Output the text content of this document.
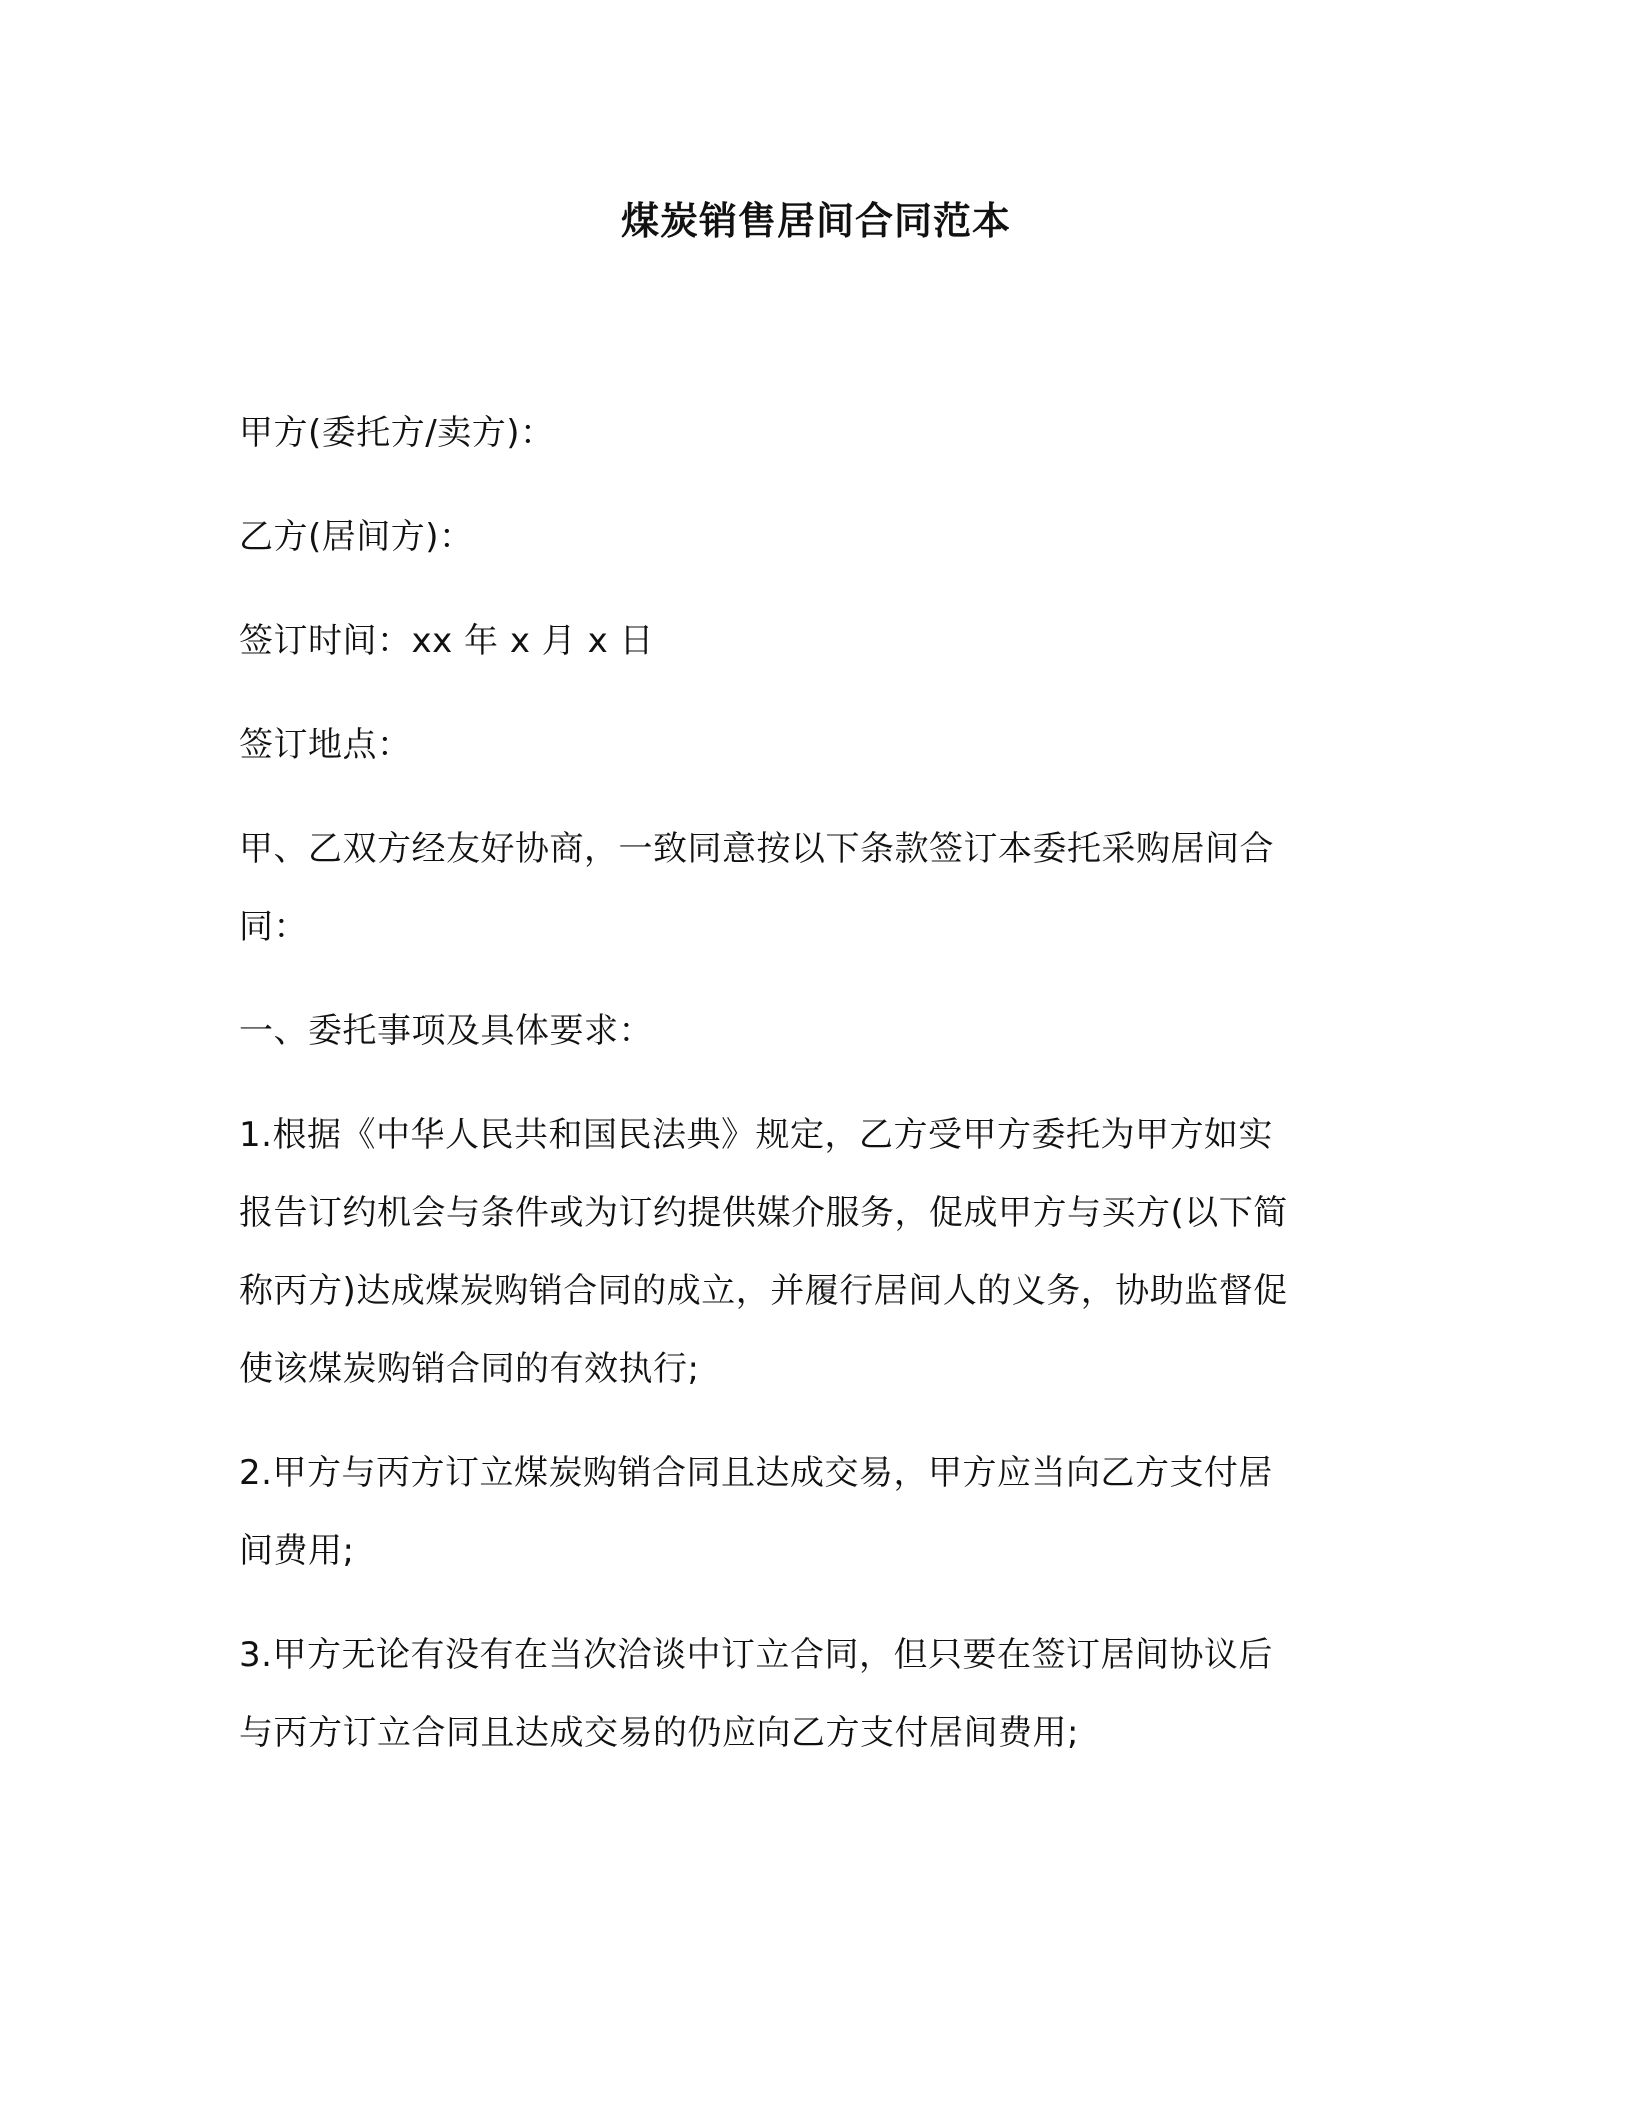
煤炭销售居间合同范本
甲方(委托方/卖方)：
乙方(居间方)：
签订时间：xx 年 x 月 x 日
签订地点：
甲、乙双方经友好协商，一致同意按以下条款签订本委托采购居间合
同：
一、委托事项及具体要求：
1.根据《中华人民共和国民法典》规定，乙方受甲方委托为甲方如实
报告订约机会与条件或为订约提供媒介服务，促成甲方与买方(以下简
称丙方)达成煤炭购销合同的成立，并履行居间人的义务，协助监督促
使该煤炭购销合同的有效执行;
2.甲方与丙方订立煤炭购销合同且达成交易，甲方应当向乙方支付居
间费用;
3.甲方无论有没有在当次洽谈中订立合同，但只要在签订居间协议后
与丙方订立合同且达成交易的仍应向乙方支付居间费用;
